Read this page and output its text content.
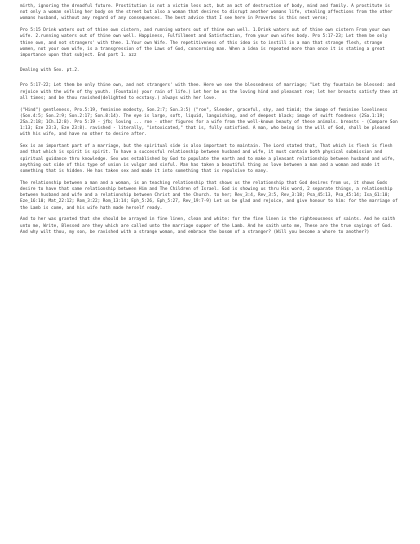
mirth, ignoring the dreadful future. Prostitution is not a victim less act, but an act of destruction of body, mind and family. A prostitute is not only a woman selling her body on the street but also a woman that desires to disrupt another womans life, stealing affections from the other womans husband, without any regard of any consequences. The best advice that I see here in Proverbs is this next verse;

Pro 5:15 Drink waters out of thine own cistern, and running waters out of thine own well. 1.Drink waters out of thine own cistern From your own wife. 2.running waters out of thine own well. Happiness, Fulfillment and Satisfaction, from your own wifes body. Pro 5:17-23; Let them be only thine own, and not strangers' with thee. 1.Your own Wife. The repetitiveness of this idea is to instill in a man that strange flesh, strange women, not your own wife, is a transgression of the Laws of God, concerning man. When a idea is repeated more than once it is stating a great importance upon that subject. End part 1. azz

Dealing with Sex. pt.2.

Pro 5:17-22; Let them be only thine own, and not strangers' with thee. Here we see the blessedness of marriage; "Let thy fountain be blessed: and rejoice with the wife of thy youth. (Fountain) your rain of life.) Let her be as the loving hind and pleasant roe; let her breasts satisfy thee at all times; and be thou ravished(delighted to ecstasy.) always with her love.

("Hind") gentleness, Pro.5:19, feminine modesty, Son.2:7; Son.3:5) ("roe", Slender, graceful, shy, and timid; the image of feminine loveliness (Son.4:5; Son.2:9; Son.2:17; Son.8:14). The eye is large, soft, liquid, languishing, and of deepest black; image of swift fondness (2Sa.1:19; 2Sa.2:18; 1Ch.12:8). Pro 5:19 - jfb; loving ... roe - other figures for a wife from the well-known beauty of these animals. breasts - (Compare Son 1:13; Eze 23:3, Eze 23:8). ravished - literally, "intoxicated," that is, fully satisfied. A man, who being in the will of God, shall be pleased with his wife, and have no other to desire after.

Sex is an important part of a marriage, but the spiritual side is also important to maintain. The Lord stated that, That which is flesh is flesh and that which is spirit is spirit. To have a successful relationship between husband and wife, it must contain both physical submission and spiritual guidance thru knowledge. Sex was established by God to populate the earth and to make a pleasant relationship between husband and wife, anything out side of this type of union is vulgar and sinful. Man has taken a beautiful thing as love between a man and a woman and made it something that is hidden. He has taken sex and made it into something that is repulsive to many.

The relationship between a man and a woman, is an teaching relationship that shows us the relationship that God desires from us, it shows Gods desire to have that same relationship between Him and The Children of Israel. God is showing us thru His word, 2 separate things, a relationship between husband and wife and a relationship between Christ and the Church. to her; Rev_3:4, Rev_3:5, Rev_3:18; Psa_45:13, Psa_45:14; Isa_61:10; Eze_16:10; Mat_22:12; Rom_3:22; Rom_13:14; Eph_5:26, Eph_5:27, Rev_19:7-9) Let us be glad and rejoice, and give honour to him: for the marriage of the Lamb is come, and his wife hath made herself ready.

And to her was granted that she should be arrayed in fine linen, clean and white: for the fine linen is the righteousness of saints. And he saith unto me, Write, Blessed are they which are called unto the marriage supper of the Lamb. And he saith unto me, These are the true sayings of God. And why wilt thou, my son, be ravished with a strange woman, and embrace the bosom of a stranger? (Will you become a whore to another?)
